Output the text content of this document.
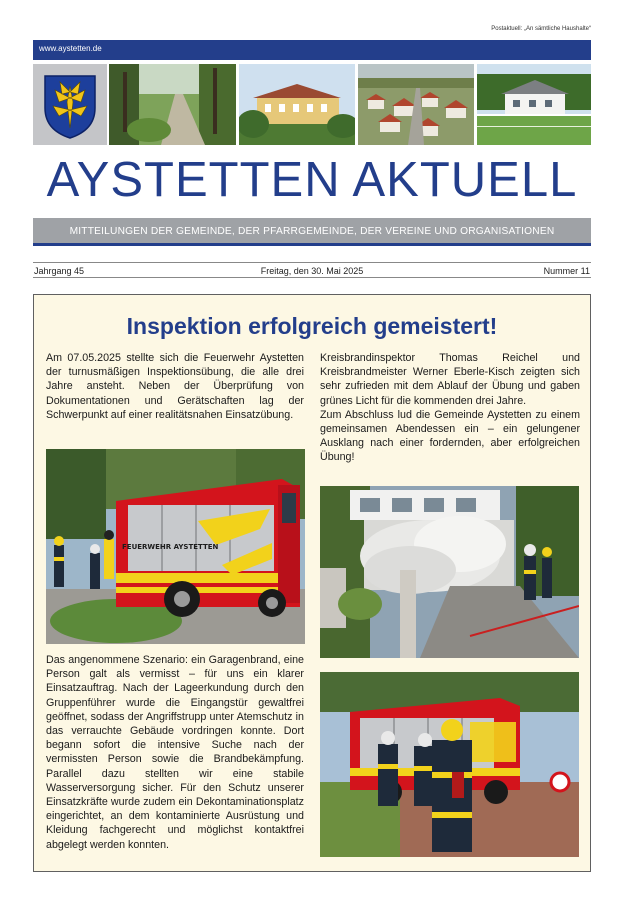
Postaktuell: „An sämtliche Haushalte“
www.aystetten.de
AYSTETTEN AKTUELL
MITTEILUNGEN DER GEMEINDE, DER PFARRGEMEINDE, DER VEREINE UND ORGANISATIONEN
Jahrgang 45	Freitag, den 30. Mai 2025	Nummer 11
Inspektion erfolgreich gemeistert!

Am 07.05.2025 stellte sich die Feuerwehr Aystetten der turnusmäßigen Inspektionsübung, die alle drei Jahre ansteht. Neben der Überprüfung von Dokumentationen und Gerätschaften lag der Schwerpunkt auf einer realitätsnahen Einsatzübung.

Kreisbrandinspektor Thomas Reichel und Kreisbrandmeister Werner Eberle-Kisch zeigten sich sehr zufrieden mit dem Ablauf der Übung und gaben grünes Licht für die kommenden drei Jahre.

Zum Abschluss lud die Gemeinde Aystetten zu einem gemeinsamen Abendessen ein – ein gelungener Ausklang nach einer fordernden, aber erfolgreichen Übung!

FEUERWEHR AYSTETTEN

Das angenommene Szenario: ein Garagenbrand, eine Person galt als vermisst – für uns ein klarer Einsatzauftrag. Nach der Lageerkundung durch den Gruppenführer wurde die Eingangstür gewaltfrei geöffnet, sodass der Angriffstrupp unter Atemschutz in das verrauchte Gebäude vordringen konnte. Dort begann sofort die intensive Suche nach der vermissten Person sowie die Brandbekämpfung. Parallel dazu stellten wir eine stabile Wasserversorgung sicher. Für den Schutz unserer Einsatzkräfte wurde zudem ein Dekontaminationsplatz eingerichtet, an dem kontaminierte Ausrüstung und Kleidung fachgerecht und möglichst kontaktfrei abgelegt werden konnten.
